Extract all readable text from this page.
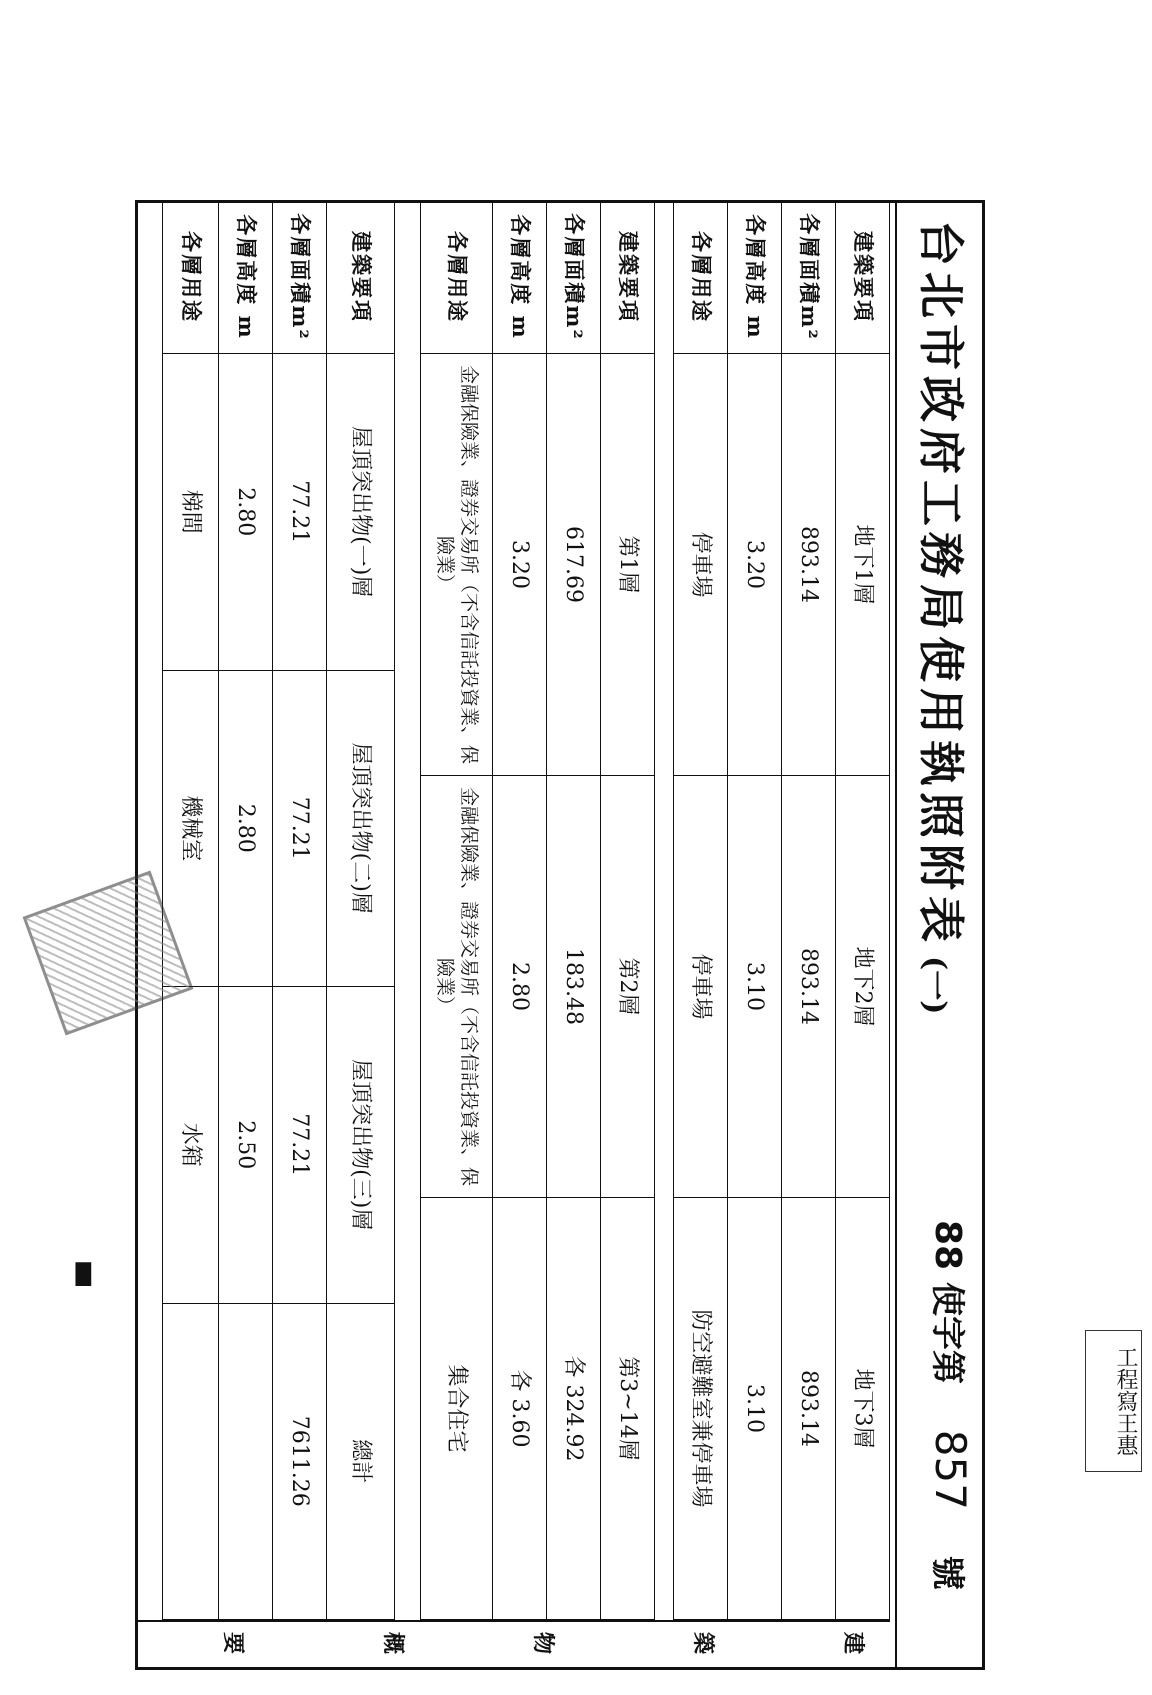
台北市政府工務局使用執照附表(一)
88 使字第 857 號
建築要項	地下1層	地下2層	地下3層
各層面積m²	893.14	893.14	893.14
各層高度 m	3.20	3.10	3.10
各層用途	停車場	停車場	防空避難室兼停車場
建築要項	第1層	第2層	第3~14層
各層面積m²	617.69	183.48	各 324.92
各層高度 m	3.20	2.80	各 3.60
各層用途	金融保險業、證券交易所（不含信託投資業、保險業）	金融保險業、證券交易所（不含信託投資業、保險業）	集合住宅
建築要項	屋頂突出物(一)層	屋頂突出物(二)層	屋頂突出物(三)層	總計
各層面積m²	77.21	77.21	77.21	7611.26
各層高度 m	2.80	2.80	2.50	
各層用途	梯間	機械室	水箱	
建
築
物
概
要
工程寫王惠
▗
